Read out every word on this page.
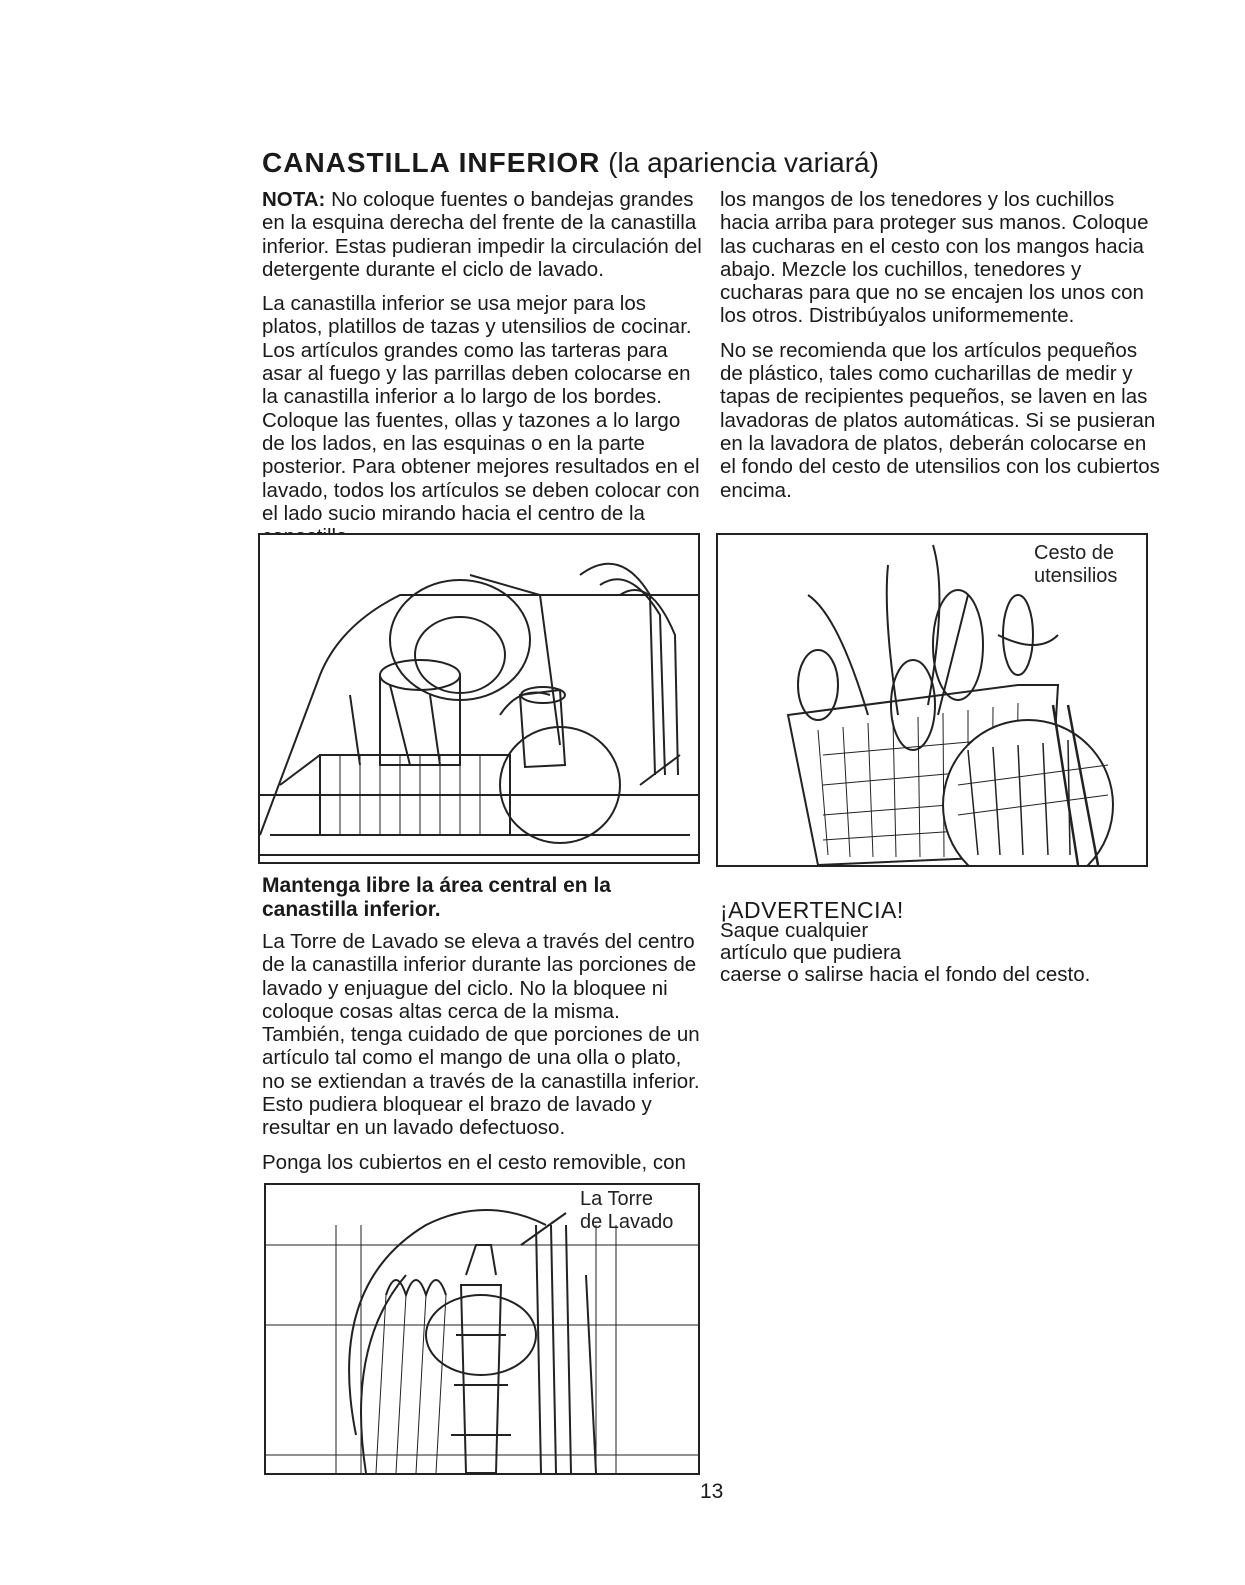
CANASTILLA INFERIOR (la apariencia variará)

NOTA: No coloque fuentes o bandejas grandes en la esquina derecha del frente de la canastilla inferior. Estas pudieran impedir la circulación del detergente durante el ciclo de lavado.

La canastilla inferior se usa mejor para los platos, platillos de tazas y utensilios de cocinar. Los artículos grandes como las tarteras para asar al fuego y las parrillas deben colocarse en la canastilla inferior a lo largo de los bordes. Coloque las fuentes, ollas y tazones a lo largo de los lados, en las esquinas o en la parte posterior. Para obtener mejores resultados en el lavado, todos los artículos se deben colocar con el lado sucio mirando hacia el centro de la

los mangos de los tenedores y los cuchillos hacia arriba para proteger sus manos. Coloque las cucharas en el cesto con los mangos hacia abajo. Mezcle los cuchillos, tenedores y cucharas para que no se encajen los unos con los otros. Distribúyalos uniformemente.

No se recomienda que los artículos pequeños de plástico, tales como cucharillas de medir y tapas de recipientes pequeños, se laven en las lavadoras de platos automáticas. Si se pusieran en la lavadora de platos, deberán colocarse en el fondo del cesto de utensilios con los cubiertos encima.

Cesto de
utensilios
Mantenga libre la área central en la canastilla inferior.

La Torre de Lavado se eleva a través del centro de la canastilla inferior durante las porciones de lavado y enjuague del ciclo. No la bloquee ni coloque cosas altas cerca de la misma. También, tenga cuidado de que porciones de un artículo tal como el mango de una olla o plato, no se extiendan a través de la canastilla inferior. Esto pudiera bloquear el brazo de lavado y resultar en un lavado defectuoso.

Ponga los cubiertos en el cesto removible, con

¡ADVERTENCIA!
Saque cualquier
artículo que pudiera
caerse o salirse hacia el fondo del cesto.
La Torre
de Lavado
13
